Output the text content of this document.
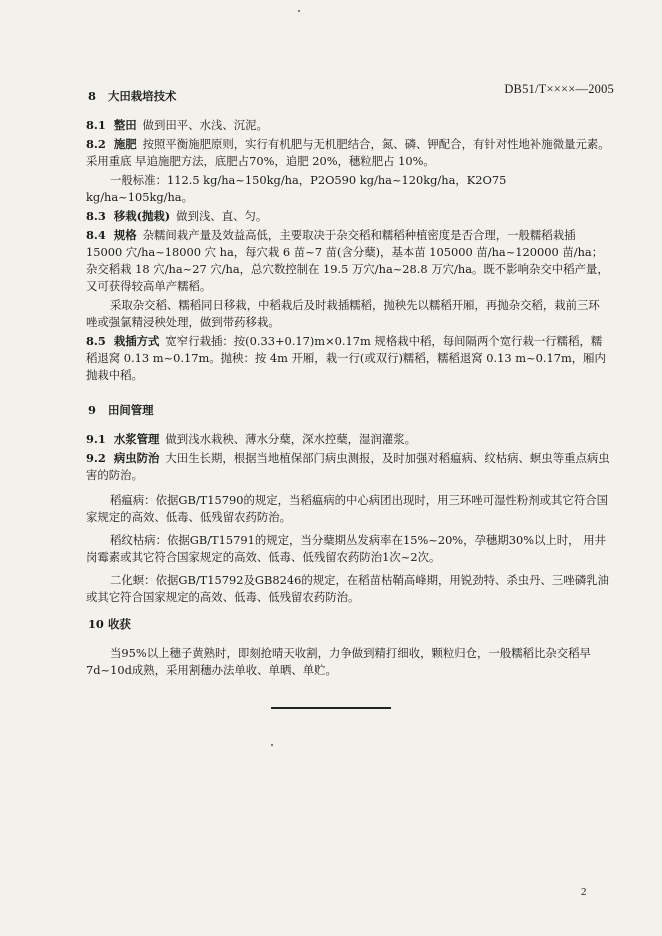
DB51/T××××—2005

8 大田栽培技术

8.1 整田 做到田平、水浅、沉泥。

8.2 施肥 按照平衡施肥原则，实行有机肥与无机肥结合，氮、磷、钾配合，有针对性地补施微量元素。采用重底 早追施肥方法，底肥占70%，追肥 20%，穗粒肥占 10%。

一般标准：112.5 kg/ha~150kg/ha，P2O590 kg/ha~120kg/ha，K2O75 kg/ha~105kg/ha。

8.3 移栽(抛栽) 做到浅、直、匀。

8.4 规格 杂糯间栽产量及效益高低，主要取决于杂交稻和糯稻种植密度是否合理，一般糯稻栽插15000 穴/ha~18000 穴 ha，每穴栽 6 苗~7 苗(含分蘖)，基本苗 105000 苗/ha~120000 苗/ha；杂交稻栽 18 穴/ha~27 穴/ha，总穴数控制在 19.5 万穴/ha~28.8 万穴/ha。既不影响杂交中稻产量，又可获得较高单产糯稻。

采取杂交稻、糯稻同日移栽，中稻栽后及时栽插糯稻，抛秧先以糯稻开厢，再抛杂交稻，栽前三环唑或强氯精浸秧处理，做到带药移栽。

8.5 栽插方式 宽窄行栽插：按(0.33+0.17)m×0.17m 规格栽中稻，每间隔两个宽行栽一行糯稻，糯稻退窝 0.13 m~0.17m。抛秧：按 4m 开厢，栽一行(或双行)糯稻，糯稻退窝 0.13 m~0.17m，厢内抛栽中稻。

9 田间管理

9.1 水浆管理 做到浅水栽秧、薄水分蘖，深水控蘖，湿润灌浆。

9.2 病虫防治 大田生长期，根据当地植保部门病虫测报，及时加强对稻瘟病、纹枯病、螟虫等重点病虫害的防治。

稻瘟病：依据GB/T15790的规定，当稻瘟病的中心病团出现时，用三环唑可湿性粉剂或其它符合国家规定的高效、低毒、低残留农药防治。

稻纹枯病：依据GB/T15791的规定，当分蘖期丛发病率在15%~20%，孕穗期30%以上时， 用井岗霉素或其它符合国家规定的高效、低毒、低残留农药防治1次~2次。

二化螟：依据GB/T15792及GB8246的规定，在稻苗枯鞘高峰期，用锐劲特、杀虫丹、三唑磷乳油或其它符合国家规定的高效、低毒、低残留农药防治。

10 收获

当95%以上穗子黄熟时，即刻抢晴天收割，力争做到精打细收，颗粒归仓，一般糯稻比杂交稻早7d~10d成熟，采用割穗办法单收、单晒、单贮。

2
